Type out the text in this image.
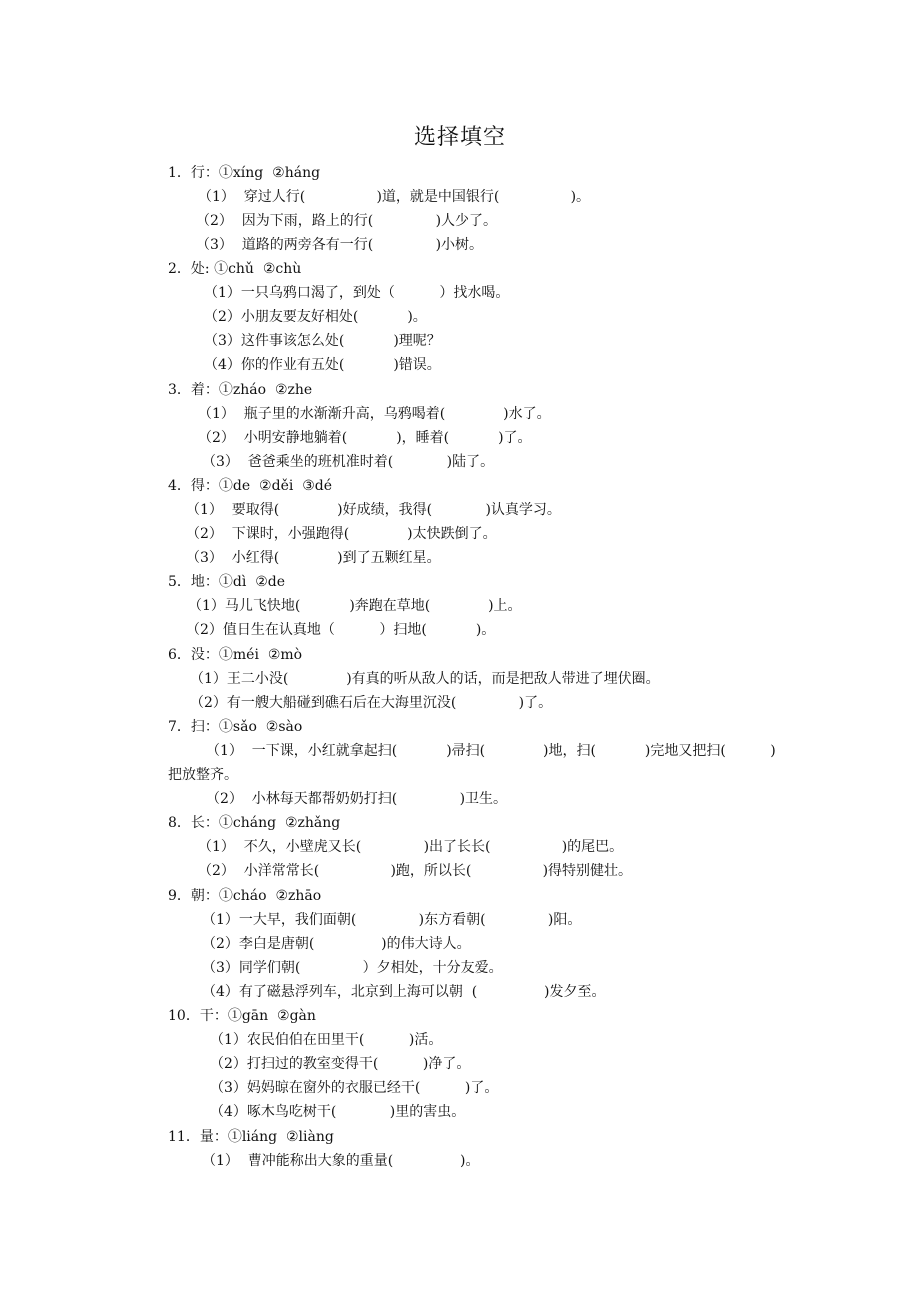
选择填空
1．行：①xíng  ②háng
（1）  穿过人行(                )道，就是中国银行(                )。
（2）  因为下雨，路上的行(              )人少了。
（3）  道路的两旁各有一行(              )小树。
2．处: ①chǔ  ②chù
（1）一只乌鸦口渴了，到处（          ）找水喝。
（2）小朋友要友好相处(           )。
（3）这件事该怎么处(           )理呢？
（4）你的作业有五处(           )错误。
3．着：①zháo  ②zhe
（1）  瓶子里的水渐渐升高，乌鸦喝着(             )水了。
（2）  小明安静地躺着(           )，睡着(           )了。
（3）  爸爸乘坐的班机准时着(            )陆了。
4．得：①de  ②děi  ③dé
（1）  要取得(             )好成绩，我得(            )认真学习。
（2）  下课时，小强跑得(             )太快跌倒了。
（3）  小红得(             )到了五颗红星。
5．地：①dì  ②de
（1）马儿飞快地(           )奔跑在草地(             )上。
（2）值日生在认真地（          ）扫地(           )。
6．没：①méi  ②mò
（1）王二小没(             )有真的听从敌人的话，而是把敌人带进了埋伏圈。
（2）有一艘大船碰到礁石后在大海里沉没(              )了。
7．扫：①sǎo  ②sào
（1）  一下课，小红就拿起扫(           )帚扫(             )地，扫(           )完地又把扫(          )
把放整齐。
（2）  小林每天都帮奶奶打扫(              )卫生。
8．长：①cháng  ②zhǎng
（1）  不久，小壁虎又长(              )出了长长(                )的尾巴。
（2）  小洋常常长(                )跑，所以长(                )得特别健壮。
9．朝：①cháo  ②zhāo
（1）一大早，我们面朝(              )东方看朝(              )阳。
（2）李白是唐朝(               )的伟大诗人。
（3）同学们朝(              ）夕相处，十分友爱。
（4）有了磁悬浮列车，北京到上海可以朝  (               )发夕至。
10．干：①gān  ②gàn
（1）农民伯伯在田里干(          )活。
（2）打扫过的教室变得干(          )净了。
（3）妈妈晾在窗外的衣服已经干(          )了。
（4）啄木鸟吃树干(            )里的害虫。
11．量：①liáng  ②liàng
（1）  曹冲能称出大象的重量(               )。
